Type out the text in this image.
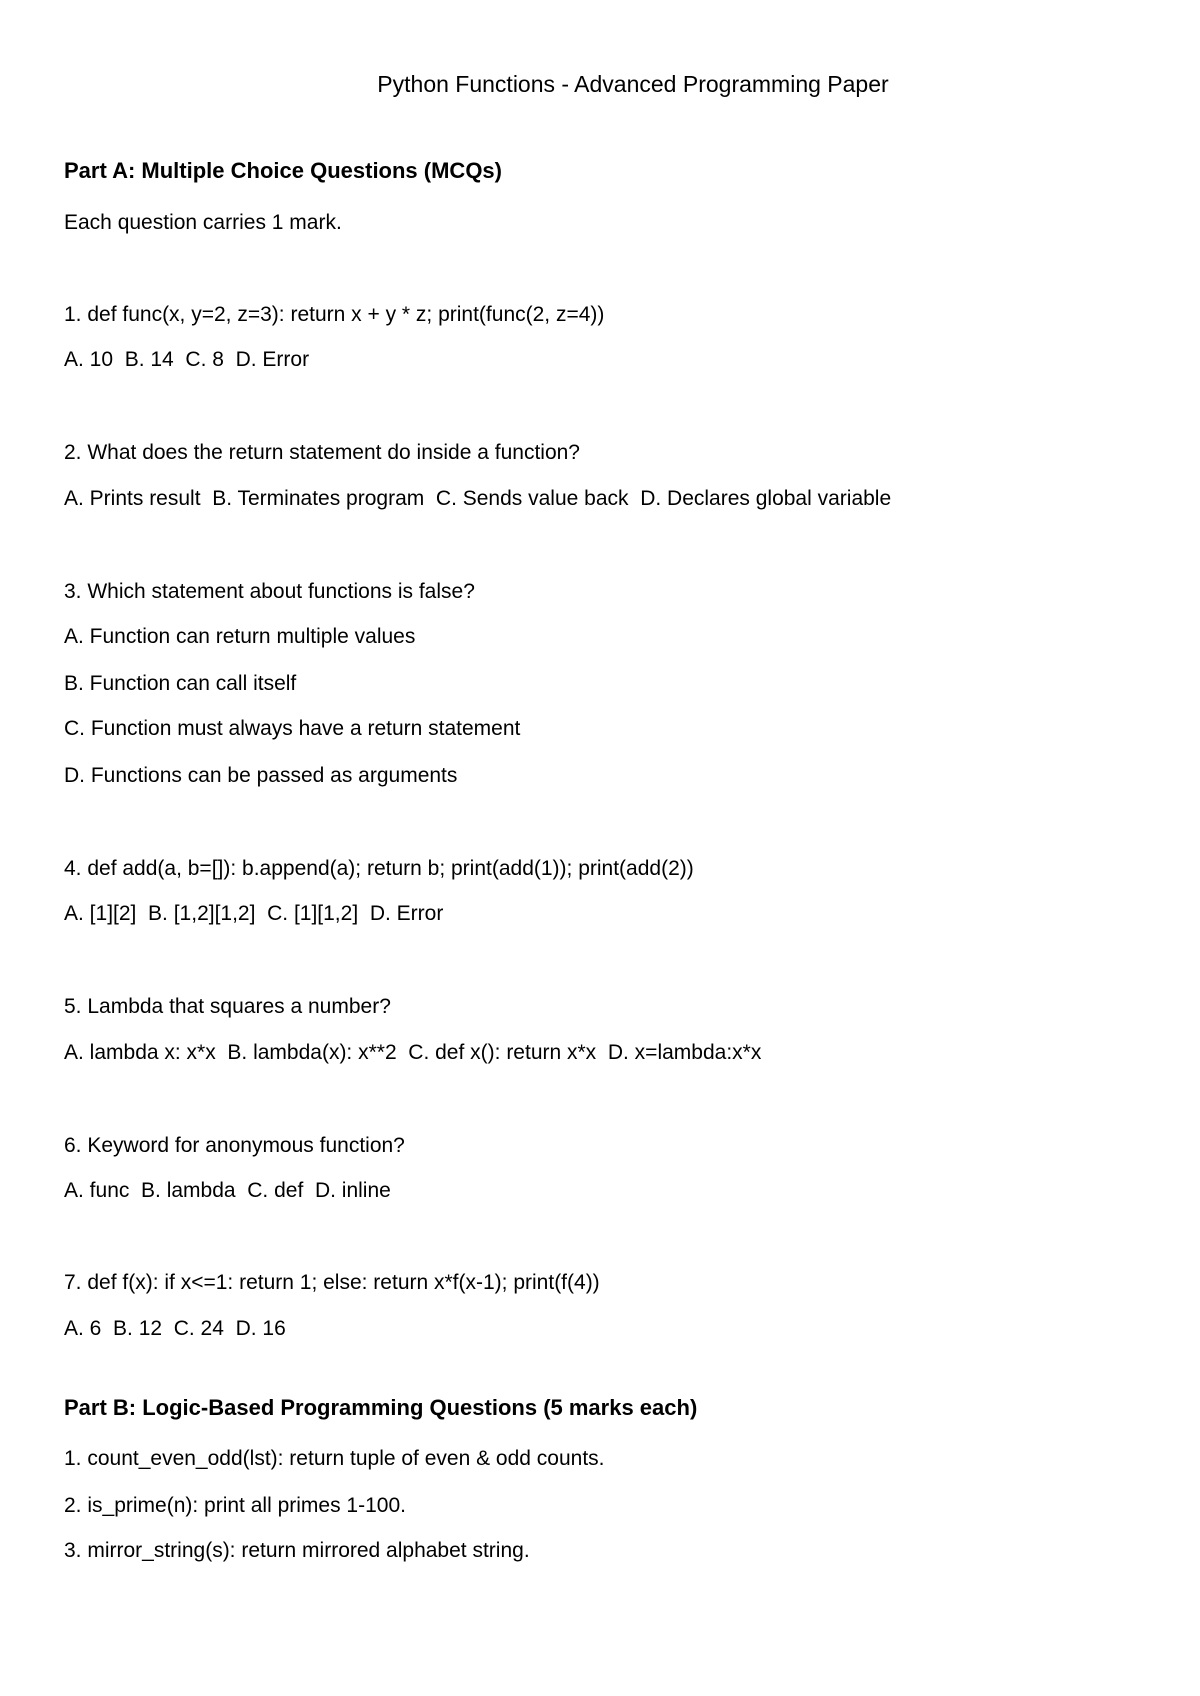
Python Functions - Advanced Programming Paper
Part A: Multiple Choice Questions (MCQs)
Each question carries 1 mark.
1. def func(x, y=2, z=3): return x + y * z; print(func(2, z=4))
A. 10  B. 14  C. 8  D. Error
2. What does the return statement do inside a function?
A. Prints result  B. Terminates program  C. Sends value back  D. Declares global variable
3. Which statement about functions is false?
A. Function can return multiple values
B. Function can call itself
C. Function must always have a return statement
D. Functions can be passed as arguments
4. def add(a, b=[]): b.append(a); return b; print(add(1)); print(add(2))
A. [1][2]  B. [1,2][1,2]  C. [1][1,2]  D. Error
5. Lambda that squares a number?
A. lambda x: x*x  B. lambda(x): x**2  C. def x(): return x*x  D. x=lambda:x*x
6. Keyword for anonymous function?
A. func  B. lambda  C. def  D. inline
7. def f(x): if x<=1: return 1; else: return x*f(x-1); print(f(4))
A. 6  B. 12  C. 24  D. 16
Part B: Logic-Based Programming Questions (5 marks each)
1. count_even_odd(lst): return tuple of even & odd counts.
2. is_prime(n): print all primes 1-100.
3. mirror_string(s): return mirrored alphabet string.
